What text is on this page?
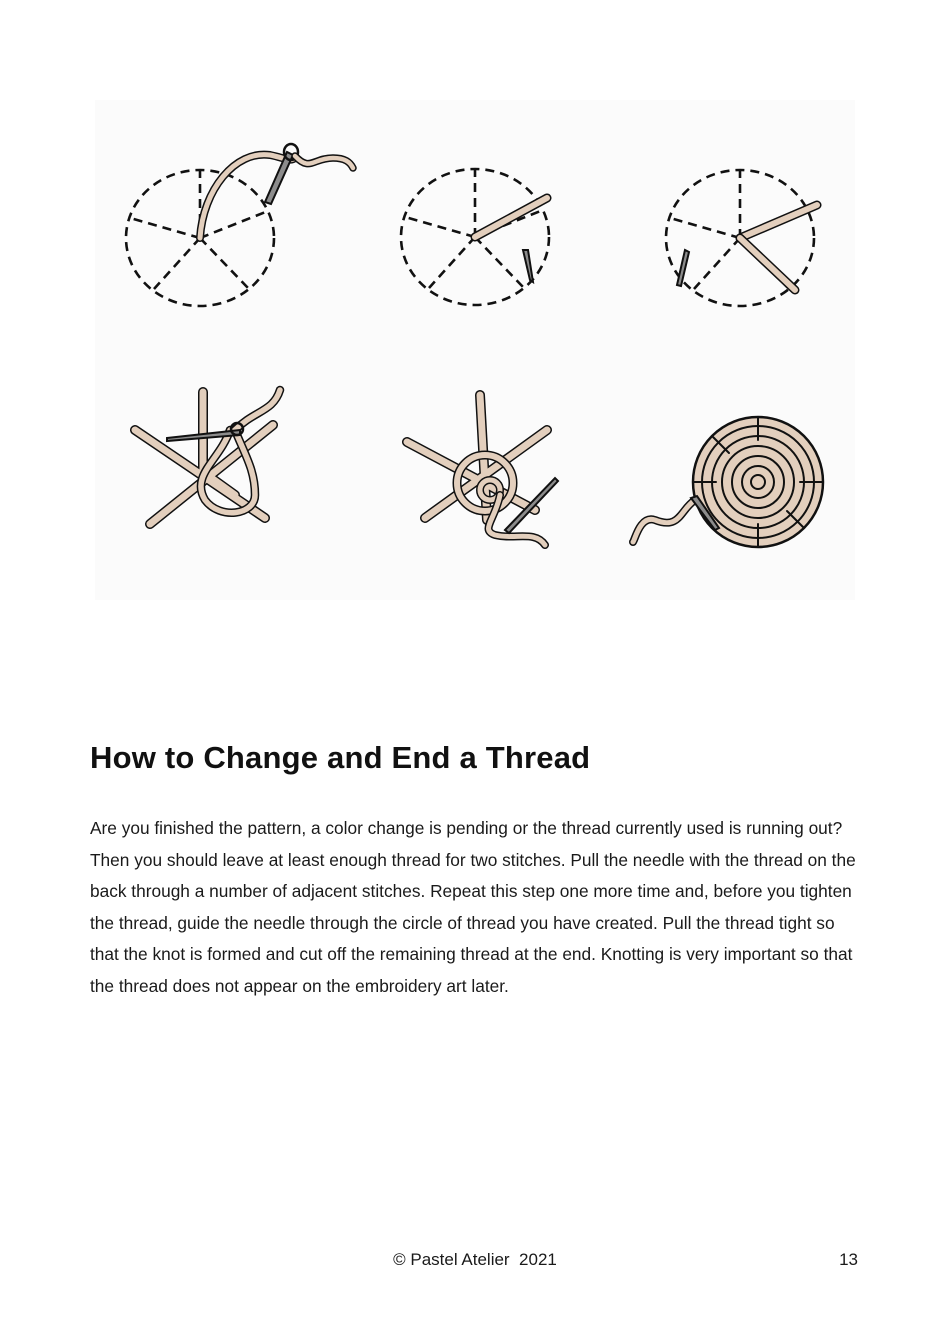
How to Change and End a Thread

Are you finished the pattern, a color change is pending or the thread currently used is running out? Then you should leave at least enough thread for two stitches. Pull the needle with the thread on the back through a number of adjacent stitches. Repeat this step one more time and, before you tighten the thread, guide the needle through the circle of thread you have created. Pull the thread tight so that the knot is formed and cut off the remaining thread at the end. Knotting is very important so that the thread does not appear on the embroidery art later.

© Pastel Atelier  2021	13
